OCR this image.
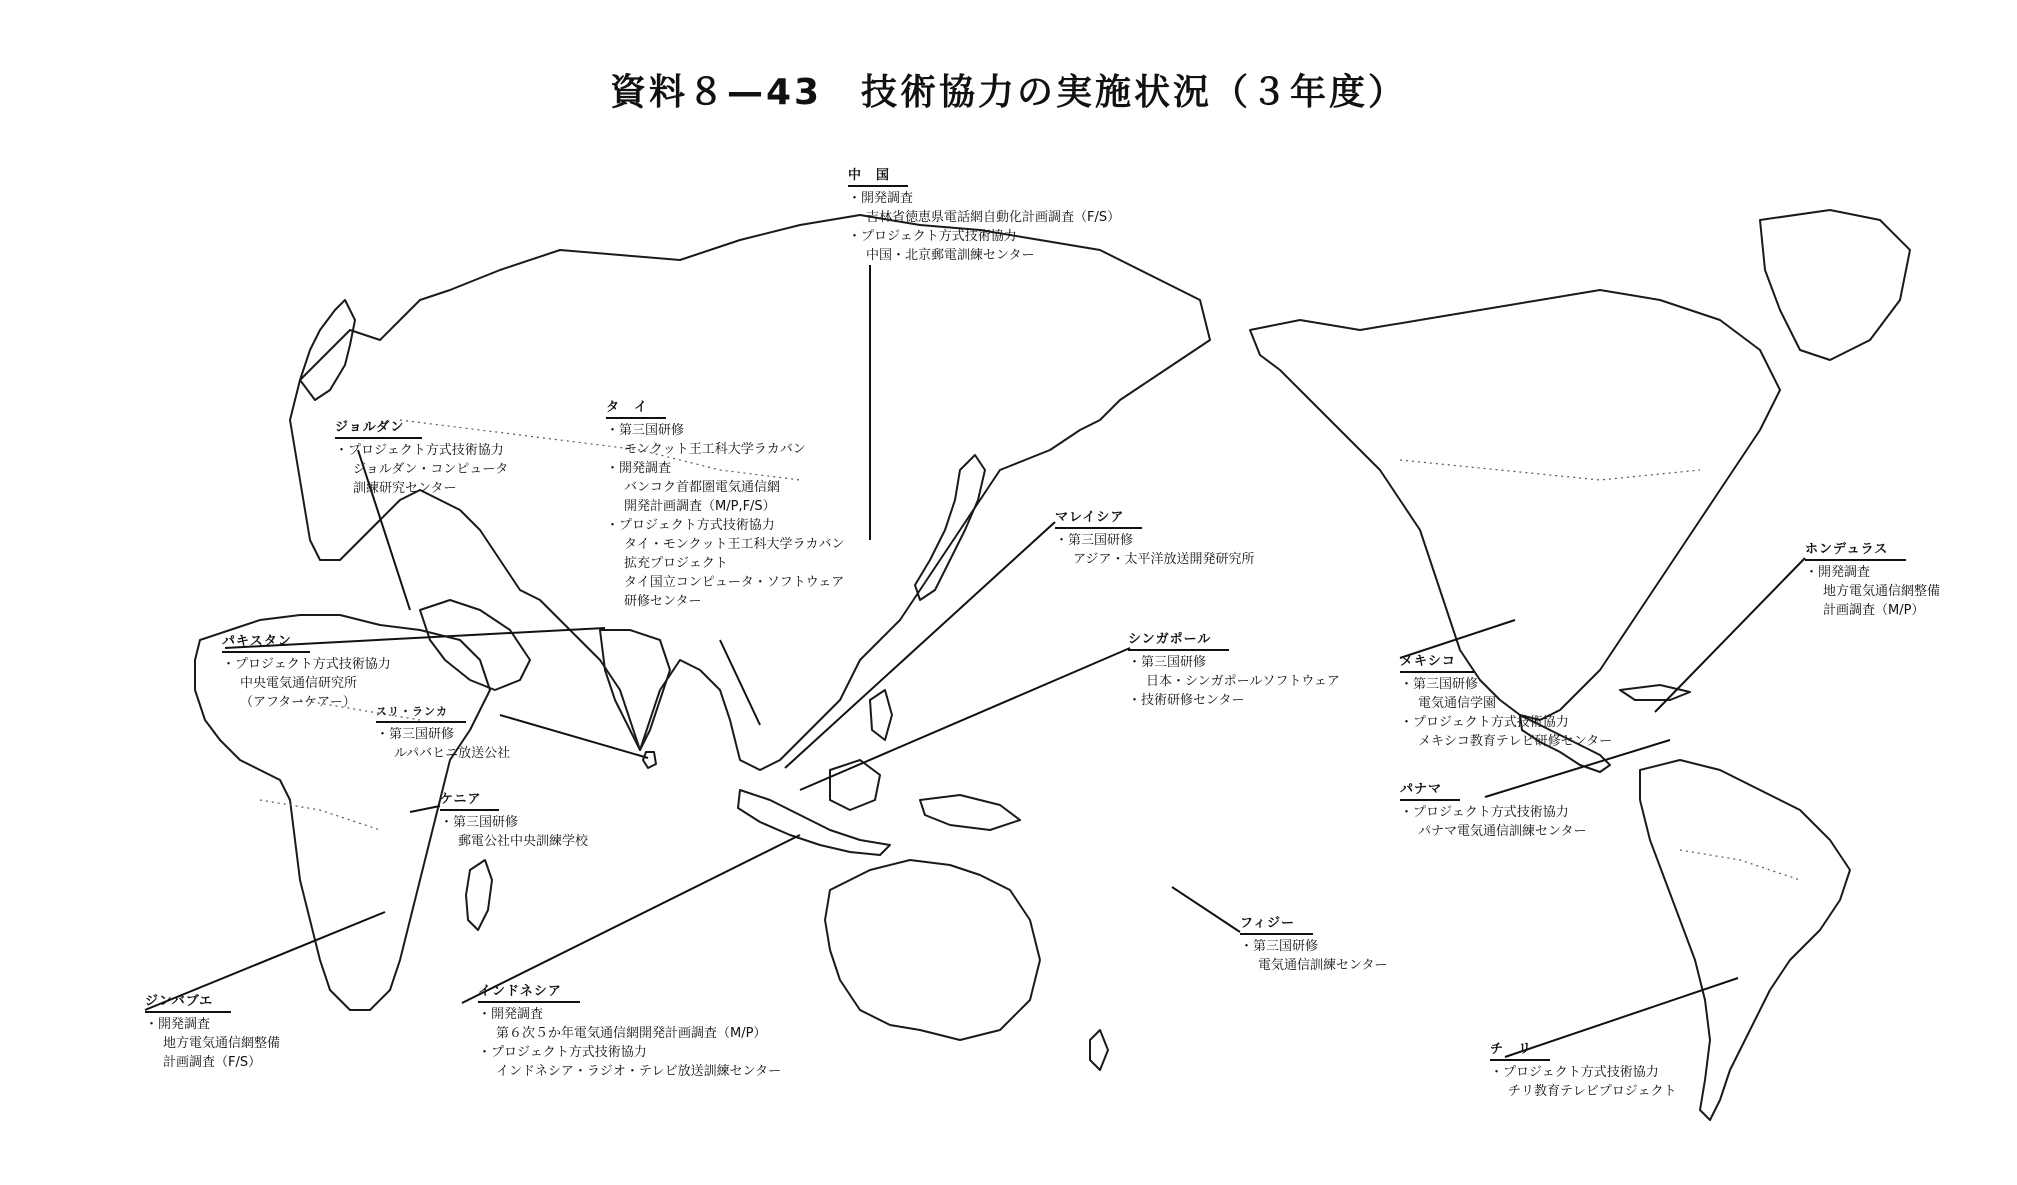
資料８—43　技術協力の実施状況（３年度）
中　国
・ 開発調査
吉林省徳恵県電話網自動化計画調査（F/S）
・ プロジェクト方式技術協力
中国・北京郵電訓練センター
タ　イ
・ 第三国研修
モンクット王工科大学ラカバン
・ 開発調査
バンコク首都圏電気通信網
開発計画調査（M/P,F/S）
・ プロジェクト方式技術協力
タイ・モンクット王工科大学ラカバン
拡充プロジェクト
タイ国立コンピュータ・ソフトウェア
研修センター
ジョルダン
・ プロジェクト方式技術協力
ジョルダン・コンピュータ
訓練研究センター
パキスタン
・ プロジェクト方式技術協力
中央電気通信研究所
（アフターケアー）
スリ・ランカ
・ 第三国研修
ルパバヒニ放送公社
ケニア
・ 第三国研修
郵電公社中央訓練学校
ジンバブエ
・ 開発調査
地方電気通信網整備
計画調査（F/S）
インドネシア
・ 開発調査
第６次５か年電気通信網開発計画調査（M/P）
・ プロジェクト方式技術協力
インドネシア・ラジオ・テレビ放送訓練センター
マレイシア
・ 第三国研修
アジア・太平洋放送開発研究所
シンガポール
・ 第三国研修
日本・シンガポールソフトウェア
・ 技術研修センター
フィジー
・ 第三国研修
電気通信訓練センター
メキシコ
・ 第三国研修
電気通信学園
・ プロジェクト方式技術協力
メキシコ教育テレビ研修センター
パナマ
・ プロジェクト方式技術協力
パナマ電気通信訓練センター
ホンデュラス
・ 開発調査
地方電気通信網整備
計画調査（M/P）
チ　リ
・ プロジェクト方式技術協力
チリ教育テレビプロジェクト
